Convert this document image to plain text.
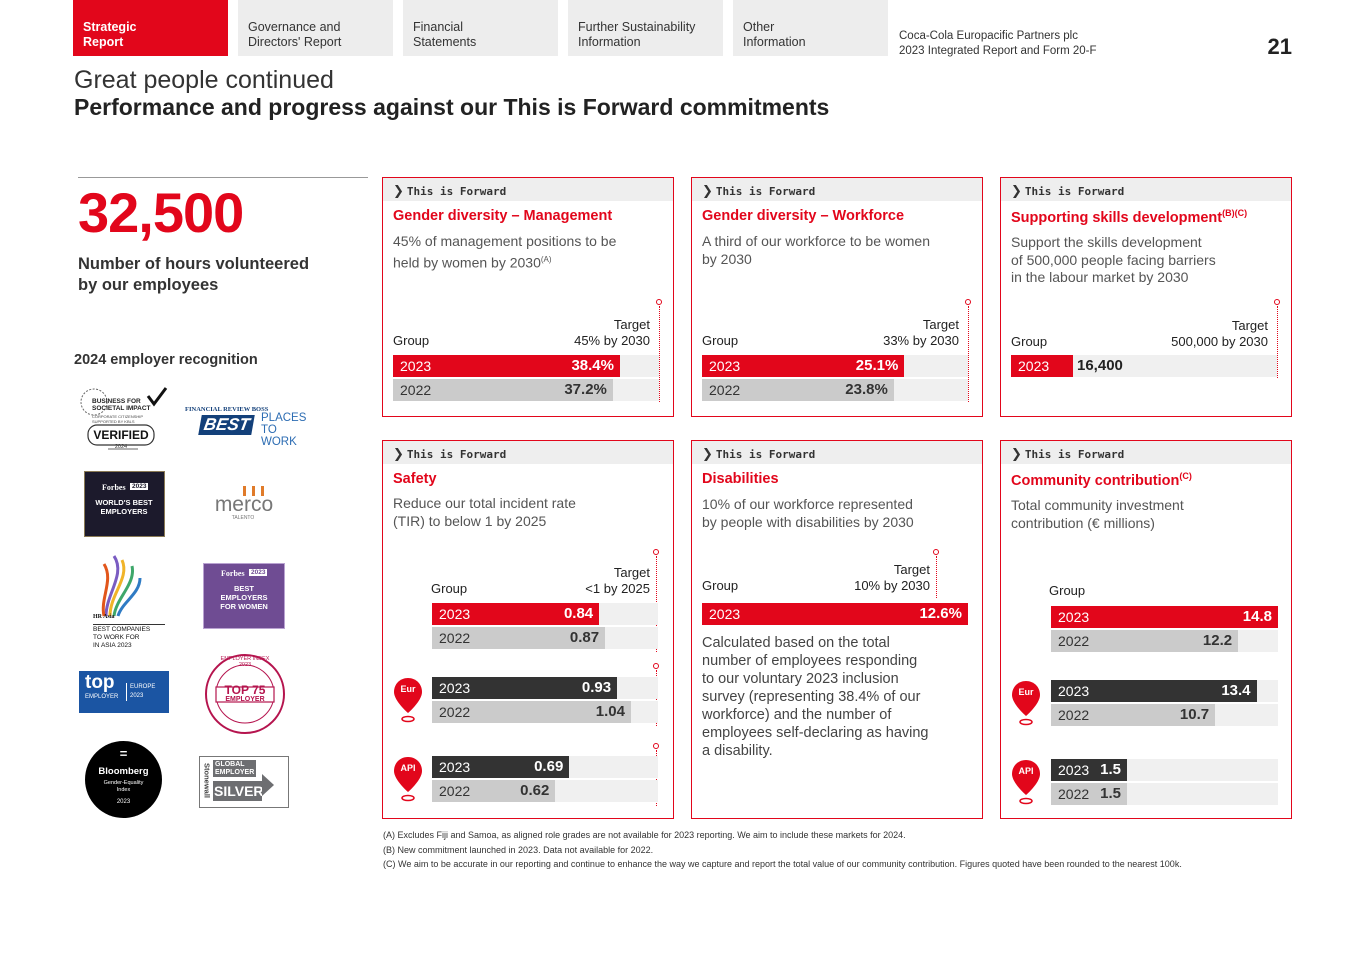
Strategic
Report
Governance and
Directors' Report
Financial
Statements
Further Sustainability
Information
Other
Information	Coca-Cola Europacific Partners plc
2023 Integrated Report and Form 20-F	21
Great people continued
Performance and progress against our This is Forward commitments
32,500
Number of hours volunteered
by our employees
2024 employer recognition
BUSINESS FOR
SOCIETAL IMPACT
CORPORATE CITIZENSHIP
SUPPORTED BY KBLS
VERIFIED
2024
FINANCIAL REVIEW BOSS
BEST PLACES
TO WORK
Forbes 2023
WORLD'S BEST
EMPLOYERS	merco
TALENTO
HR Asia
BEST COMPANIES
TO WORK FOR
IN ASIA 2023
Forbes 2023
BEST
EMPLOYERS
FOR WOMEN
top
EMPLOYER
EUROPE
2023	TOP 75
EMPLOYER
EMPLOYER INDEX 2023
=
Bloomberg
Gender-Equality
Index
2023
Stonewall GLOBAL
EMPLOYER
SILVER
❯ This is Forward
Gender diversity – Management
45% of management positions to be
held by women by $2030^{(A)}$
Group
Target
45% by 2030
2023	38.4%
2022	37.2%
❯ This is Forward
Gender diversity – Workforce
A third of our workforce to be women
by 2030
Group
Target
33% by 2030
2023	25.1%
2022	23.8%
❯ This is Forward
Supporting skills development$^{(B)(C)}$
Support the skills development
of 500,000 people facing barriers
in the labour market by 2030
Group
Target
500,000 by 2030
2023 16,400
❯ This is Forward
Safety
Reduce our total incident rate
(TIR) to below 1 by 2025
Group
Target
<1 by 2025
2023	0.84
2022	0.87
Eur	2023	0.93
2022	1.04
API	2023	0.69
2022	0.62
❯ This is Forward
Disabilities
10% of our workforce represented
by people with disabilities by 2030
Group
Target
10% by 2030
2023	12.6%
Calculated based on the total
number of employees responding
to our voluntary 2023 inclusion
survey (representing 38.4% of our
workforce) and the number of
employees self-declaring as having
a disability.
❯ This is Forward
Community contribution$^{(C)}$
Total community investment
contribution (€ millions)
Group
2023	14.8
2022	12.2
Eur	2023	13.4
2022	10.7
API	2023 1.5
2022 1.5
(A) Excludes Fiji and Samoa, as aligned role grades are not available for 2023 reporting. We aim to include these markets for 2024.
(B) New commitment launched in 2023. Data not available for 2022.
(C) We aim to be accurate in our reporting and continue to enhance the way we capture and report the total value of our community contribution. Figures quoted have been rounded to the nearest 100k.
